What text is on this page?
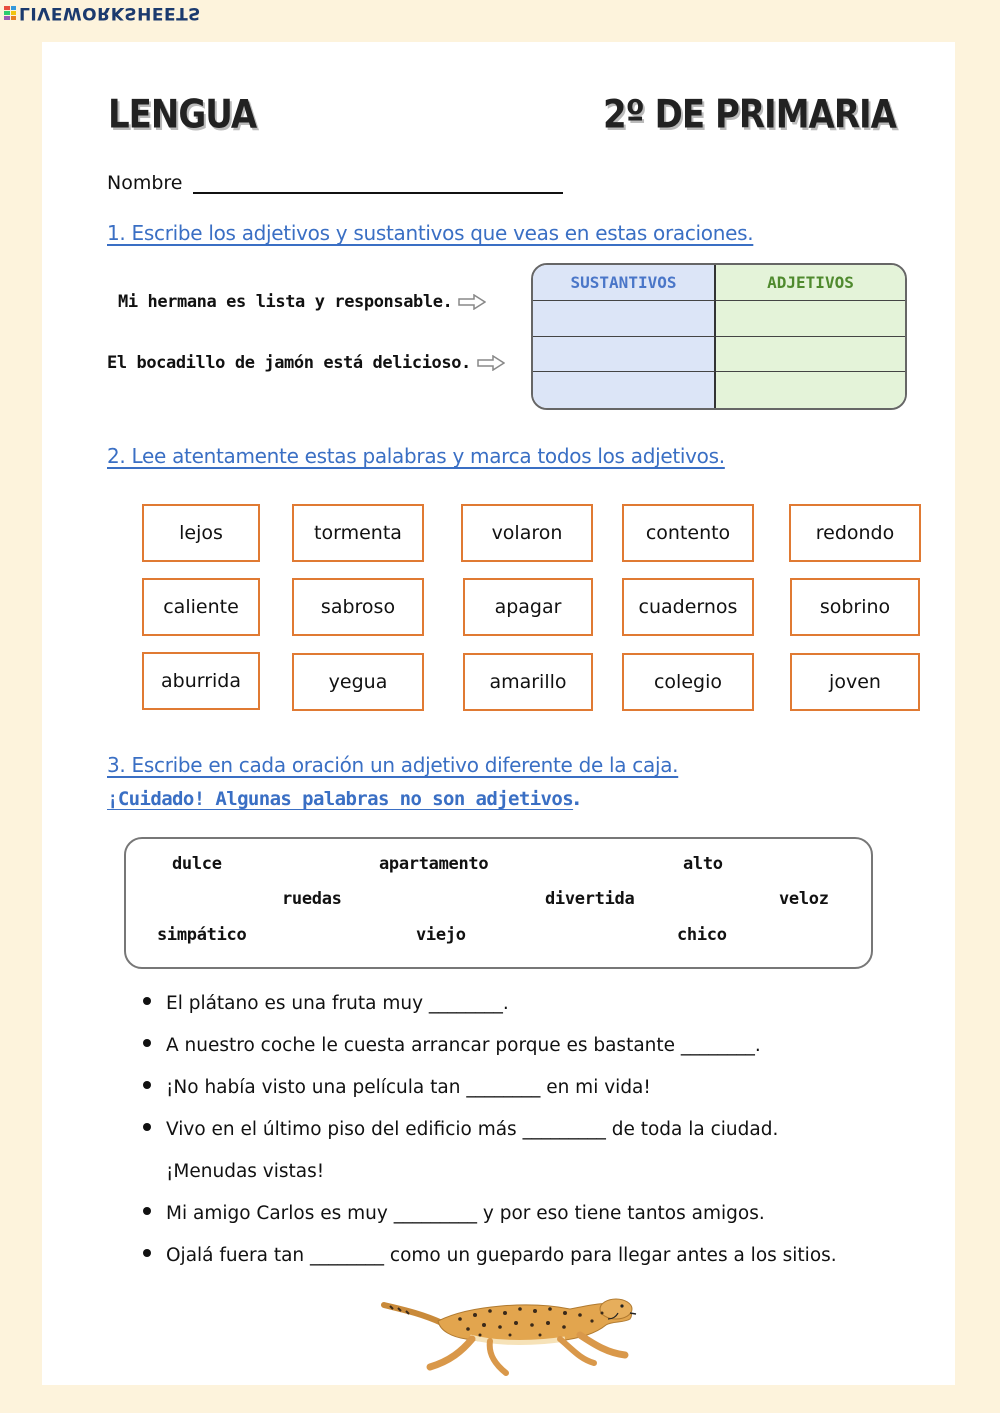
LIVEWORKSHEETS
LENGUA	2º DE PRIMARIA
Nombre
1. Escribe los adjetivos y sustantivos que veas en estas oraciones.
Mi hermana es lista y responsable.
El bocadillo de jamón está delicioso.
SUSTANTIVOS	ADJETIVOS
2. Lee atentamente estas palabras y marca todos los adjetivos.
lejos	tormenta	volaron	contento	redondo
caliente	sabroso	apagar	cuadernos	sobrino
aburrida	yegua	amarillo	colegio	joven
3. Escribe en cada oración un adjetivo diferente de la caja.
¡Cuidado! Algunas palabras no son adjetivos .
dulce	apartamento	alto
ruedas	divertida	veloz
simpático	viejo	chico
El plátano es una fruta muy ________.
A nuestro coche le cuesta arrancar porque es bastante ________.
¡No había visto una película tan ________ en mi vida!
Vivo en el último piso del edificio más _________ de toda la ciudad.
¡Menudas vistas!
Mi amigo Carlos es muy _________ y por eso tiene tantos amigos.
Ojalá fuera tan ________ como un guepardo para llegar antes a los sitios.
